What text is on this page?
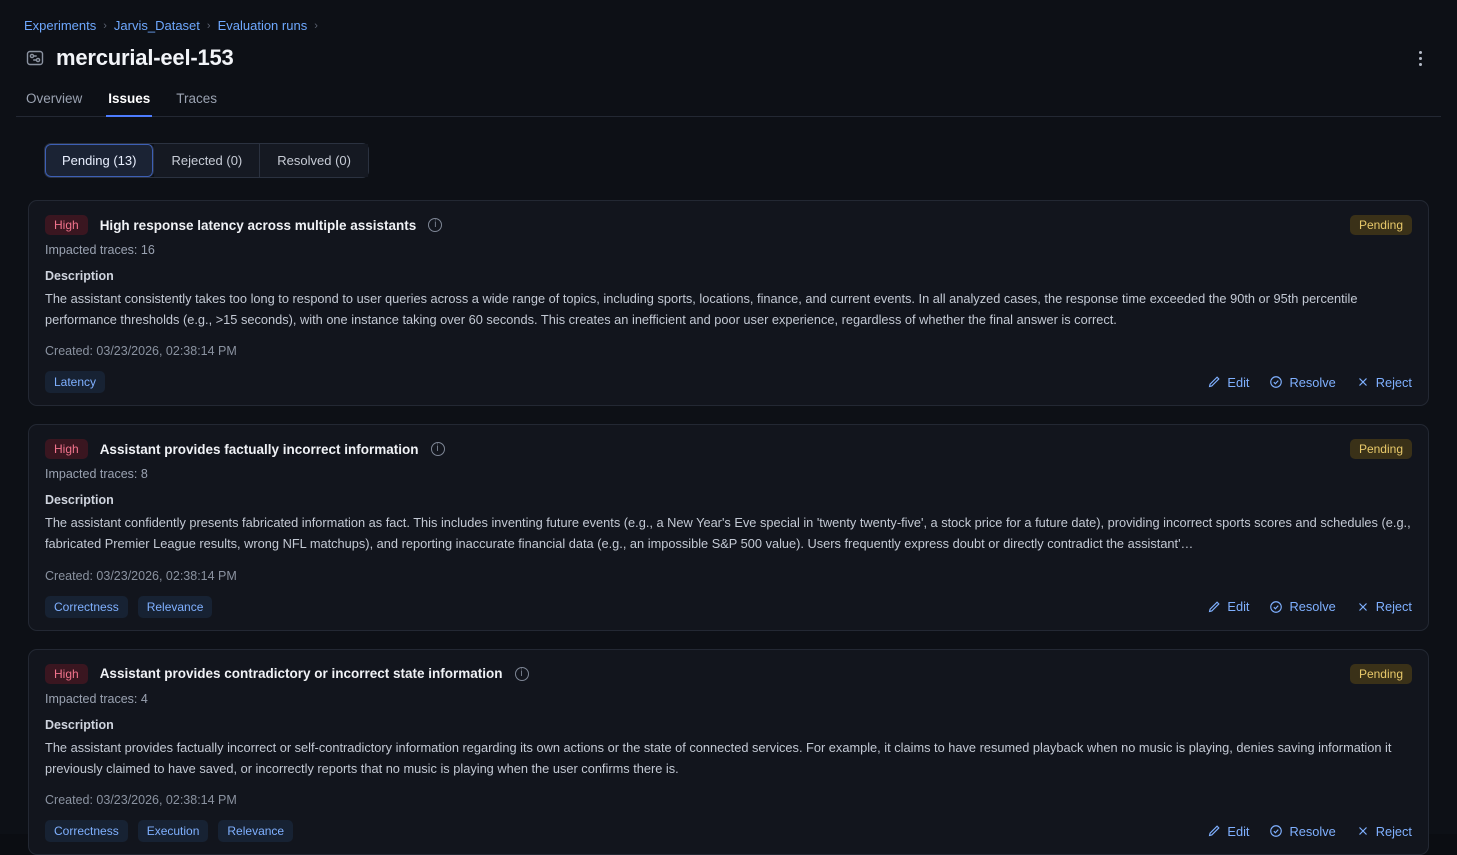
Experiments › Jarvis_Dataset › Evaluation runs ›
mercurial-eel-153
Overview Issues Traces
Pending (13)	Rejected (0)	Resolved (0)
High	High response latency across multiple assistants	i	Pending
Impacted traces: 16
Description
The assistant consistently takes too long to respond to user queries across a wide range of topics, including sports, locations, finance, and current events. In all analyzed cases, the response time exceeded the 90th or 95th percentile performance thresholds (e.g., >15 seconds), with one instance taking over 60 seconds. This creates an inefficient and poor user experience, regardless of whether the final answer is correct.
Created: 03/23/2026, 02:38:14 PM
Latency	Edit	Resolve	Reject
High	Assistant provides factually incorrect information	i	Pending
Impacted traces: 8
Description
The assistant confidently presents fabricated information as fact. This includes inventing future events (e.g., a New Year's Eve special in 'twenty twenty-five', a stock price for a future date), providing incorrect sports scores and schedules (e.g., fabricated Premier League results, wrong NFL matchups), and reporting inaccurate financial data (e.g., an impossible S&P 500 value). Users frequently express doubt or directly contradict the assistant'…
Created: 03/23/2026, 02:38:14 PM
Correctness	Relevance	Edit	Resolve	Reject
High	Assistant provides contradictory or incorrect state information	i	Pending
Impacted traces: 4
Description
The assistant provides factually incorrect or self-contradictory information regarding its own actions or the state of connected services. For example, it claims to have resumed playback when no music is playing, denies saving information it previously claimed to have saved, or incorrectly reports that no music is playing when the user confirms there is.
Created: 03/23/2026, 02:38:14 PM
Correctness	Execution	Relevance	Edit	Resolve	Reject
